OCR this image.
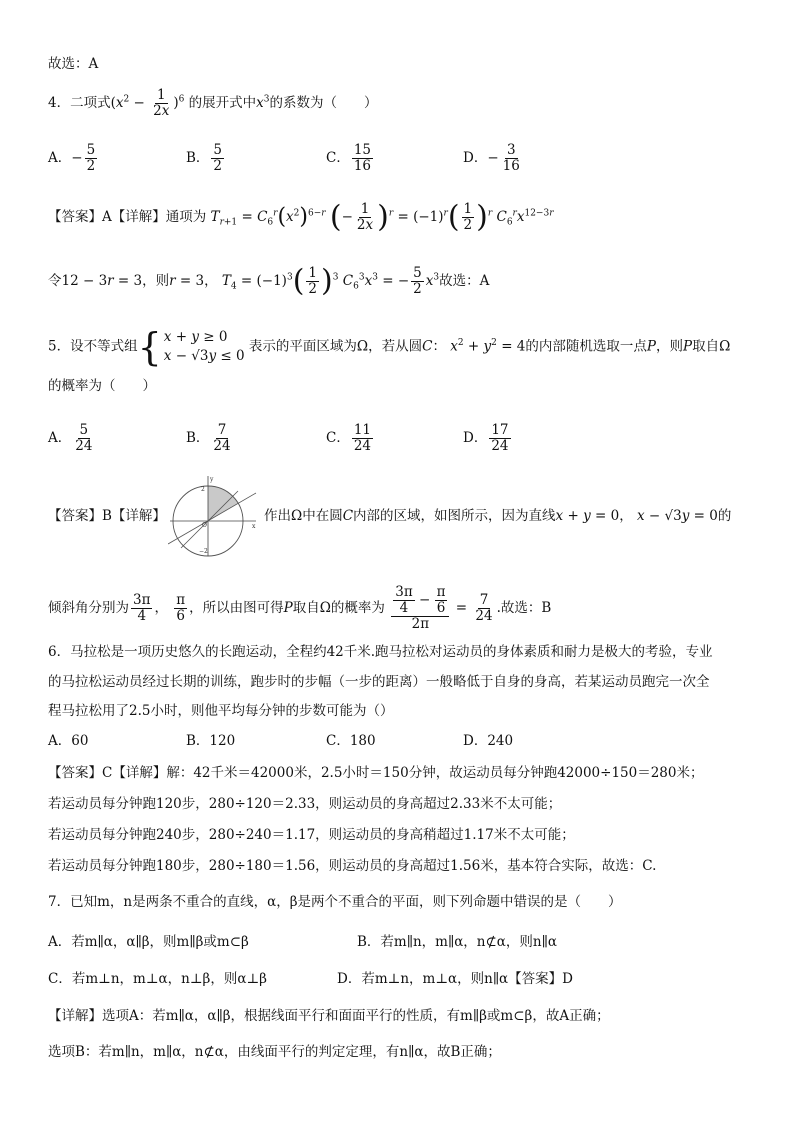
故选：A
4．二项式$(x^2 - \frac{1}{2x} )^6$ 的展开式中$x^3$的系数为（　　）
A．− $\frac{5}{2}$	B． $\frac{5}{2}$	C． $\frac{15}{16}$	D．− $\frac{3}{16}$
【答案】A【详解】通项为 $T_{r+1} = C_6^r(x^2)^{6-r}$ (− $\frac{1}{2x} )^r = (-1)^r( \frac{1}{2} )^r$ $C_6^rx^{12-3r}$
令12 − 3r = 3，则r = 3， $T_4 = (-1)^3( \frac{1}{2} )^3$ $C_6^3x^3$ = − $\frac{5}{2} x^3$故选：A
5．设不等式组{ x + y ≥ 0
x − √3y ≤ 0
表示的平面区域为Ω，若从圆C： $x^2 + y^2 = 4$的内部随机选取一点P，则P取自Ω
的概率为（　　）
A． $\frac{5}{24}$	B． $\frac{7}{24}$	C． $\frac{11}{24}$	D． $\frac{17}{24}$
【答案】B【详解】
y
x
O
2
−2
作出Ω中在圆C内部的区域，如图所示，因为直线x + y = 0， x − √3y = 0的
倾斜角分别为 $\frac{3\pi}{4}$ ， $\frac{\pi}{6}$ ，所以由图可得P取自Ω的概率为 $\frac{\frac{3\pi}{4} - \frac{\pi}{6}}{2\pi} = \frac{7}{24}$ .故选：B
6．马拉松是一项历史悠久的长跑运动，全程约42千米.跑马拉松对运动员的身体素质和耐力是极大的考验，专业
的马拉松运动员经过长期的训练，跑步时的步幅（一步的距离）一般略低于自身的身高，若某运动员跑完一次全
程马拉松用了2.5小时，则他平均每分钟的步数可能为（）
A．60	B．120	C．180	D．240
【答案】C【详解】解：42千米＝42000米，2.5小时＝150分钟，故运动员每分钟跑42000÷150＝280米；
若运动员每分钟跑120步，280÷120＝2.33，则运动员的身高超过2.33米不太可能；
若运动员每分钟跑240步，280÷240＝1.17，则运动员的身高稍超过1.17米不太可能；
若运动员每分钟跑180步，280÷180＝1.56，则运动员的身高超过1.56米，基本符合实际，故选：C.
7．已知m，n是两条不重合的直线，α，β是两个不重合的平面，则下列命题中错误的是（　　）
A．若m∥α，α∥β，则m∥β或m⊂β	B．若m∥n，m∥α，n⊄α，则n∥α
C．若m⊥n，m⊥α，n⊥β，则α⊥β	D．若m⊥n，m⊥α，则n∥α【答案】D
【详解】选项A：若m∥α，α∥β，根据线面平行和面面平行的性质，有m∥β或m⊂β，故A正确；
选项B：若m∥n，m∥α，n⊄α，由线面平行的判定定理，有n∥α，故B正确；
